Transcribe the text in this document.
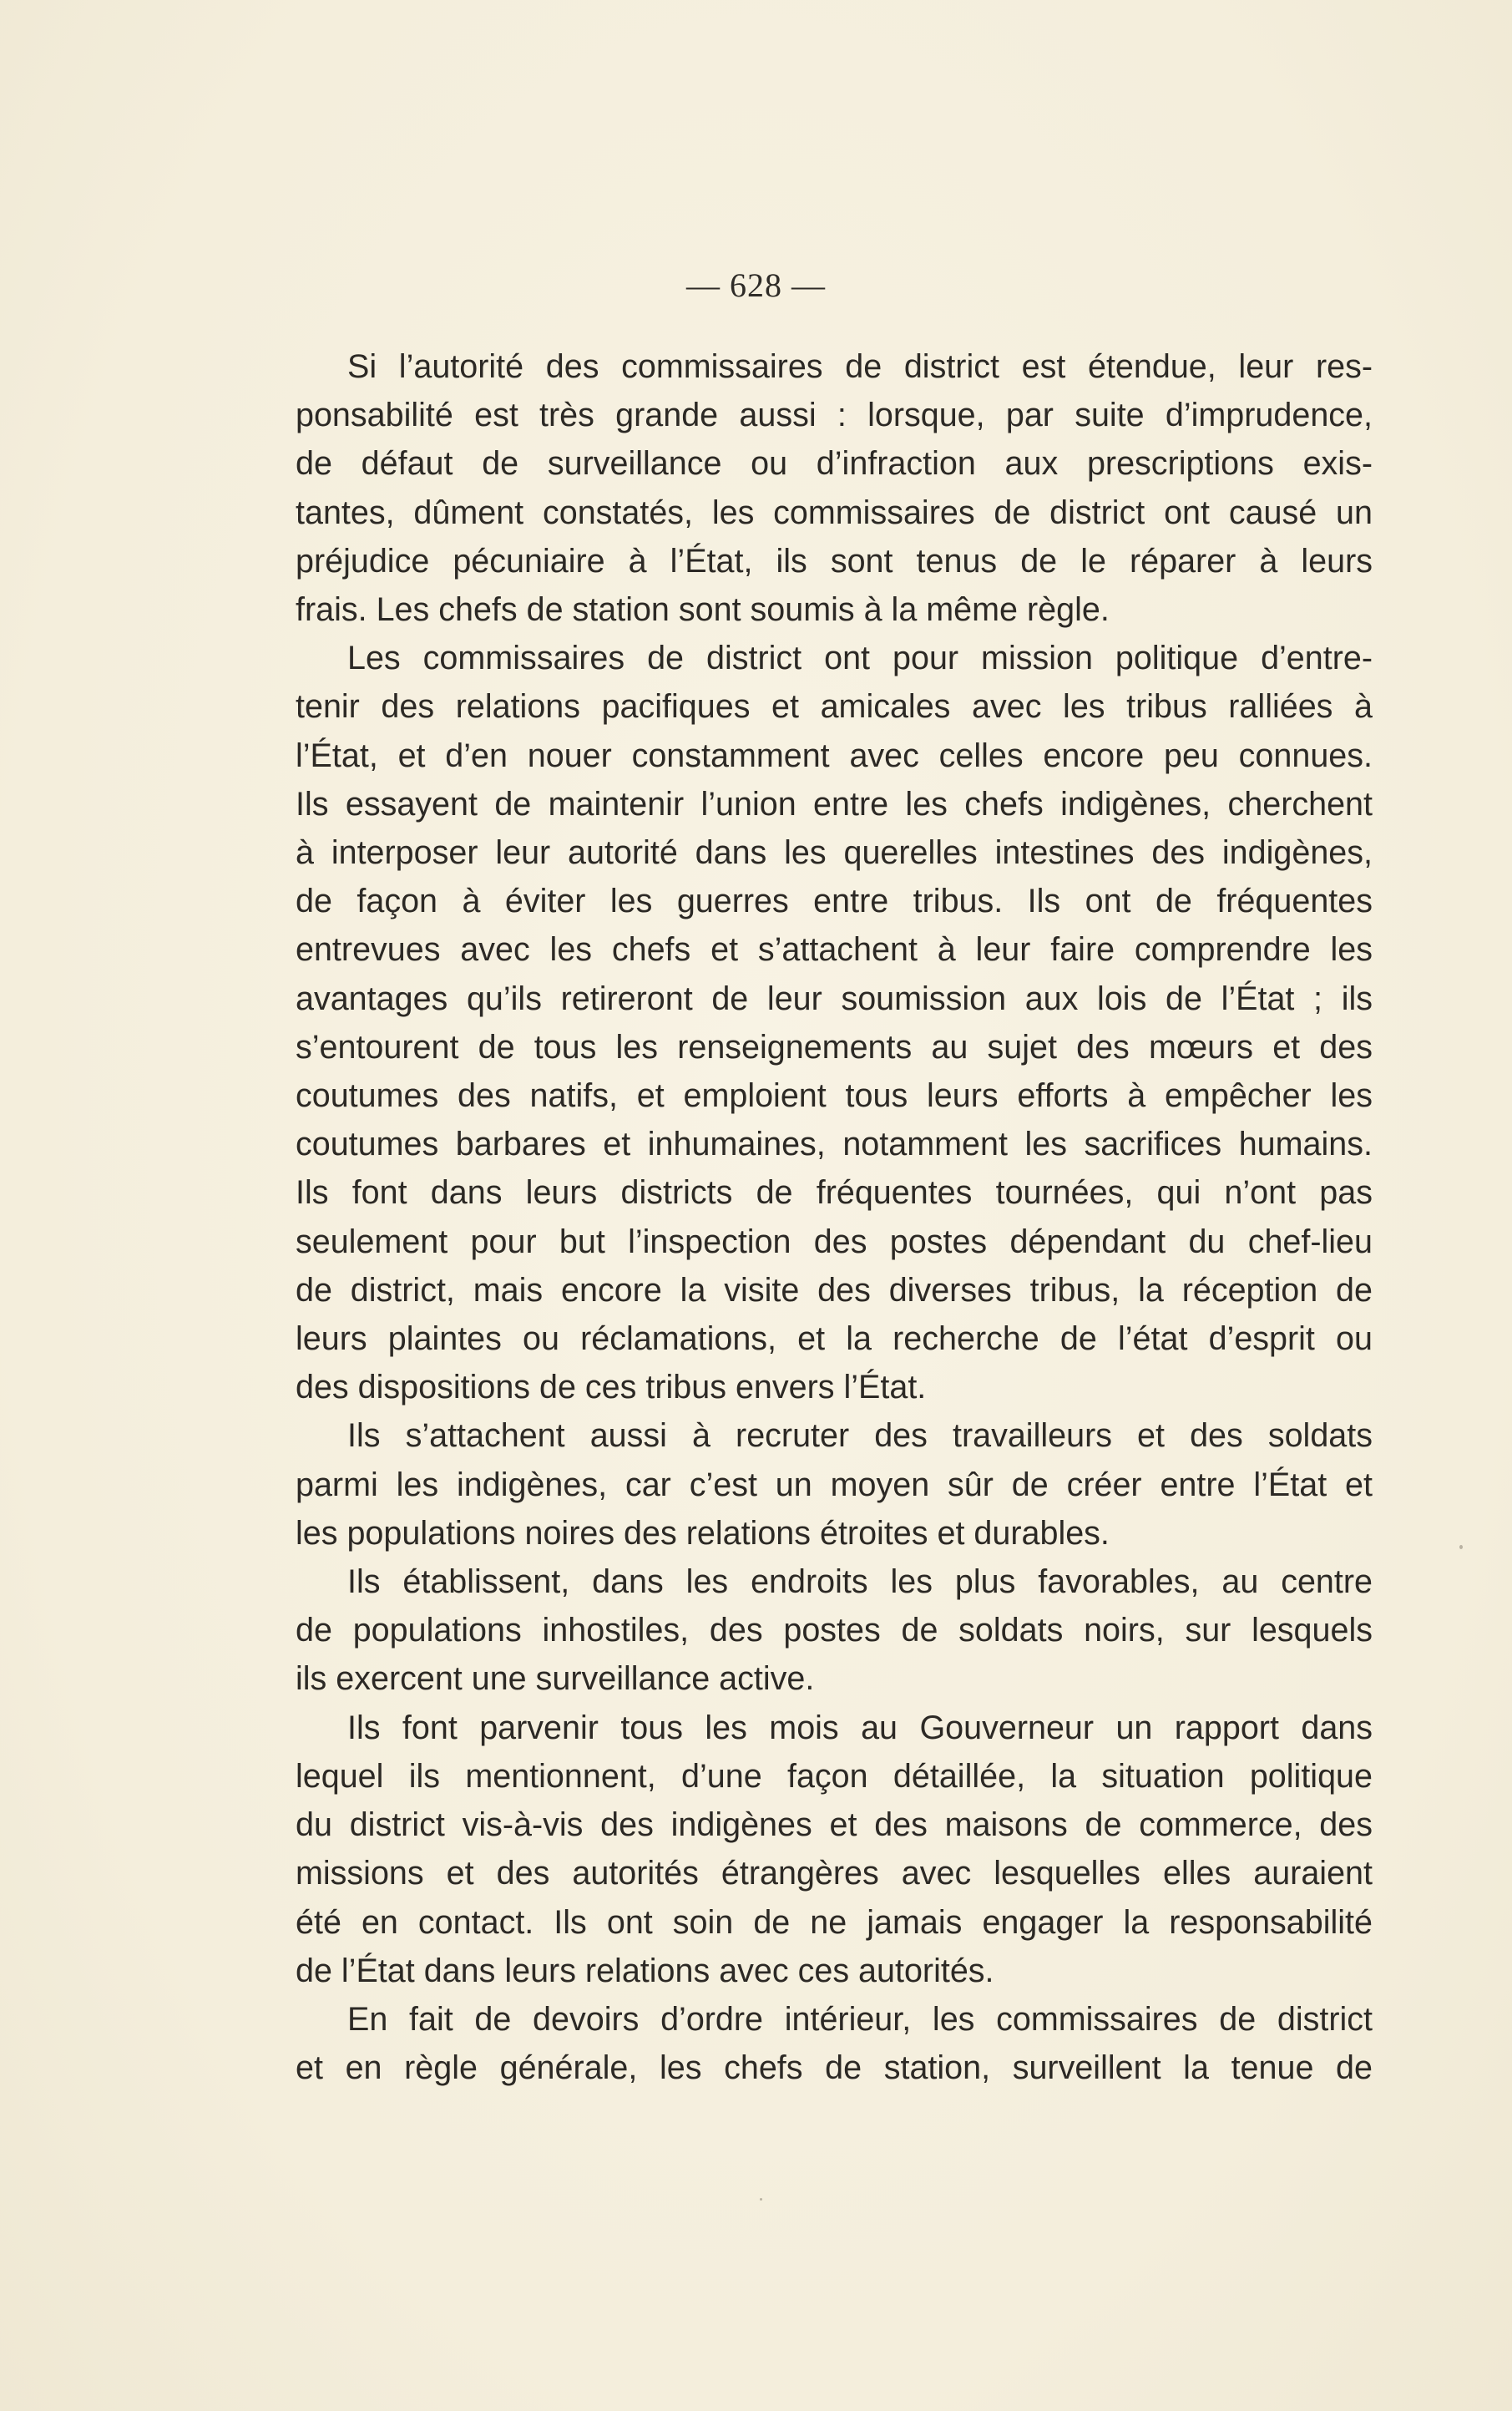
— 628 —

Si l’autorité des commissaires de district est étendue, leur res-
ponsabilité est très grande aussi : lorsque, par suite d’imprudence,
de défaut de surveillance ou d’infraction aux prescriptions exis-
tantes, dûment constatés, les commissaires de district ont causé un
préjudice pécuniaire à l’État, ils sont tenus de le réparer à leurs
frais. Les chefs de station sont soumis à la même règle.

Les commissaires de district ont pour mission politique d’entre-
tenir des relations pacifiques et amicales avec les tribus ralliées à
l’État, et d’en nouer constamment avec celles encore peu connues.
Ils essayent de maintenir l’union entre les chefs indigènes, cherchent
à interposer leur autorité dans les querelles intestines des indigènes,
de façon à éviter les guerres entre tribus. Ils ont de fréquentes
entrevues avec les chefs et s’attachent à leur faire comprendre les
avantages qu’ils retireront de leur soumission aux lois de l’État ; ils
s’entourent de tous les renseignements au sujet des mœurs et des
coutumes des natifs, et emploient tous leurs efforts à empêcher les
coutumes barbares et inhumaines, notamment les sacrifices humains.
Ils font dans leurs districts de fréquentes tournées, qui n’ont pas
seulement pour but l’inspection des postes dépendant du chef-lieu
de district, mais encore la visite des diverses tribus, la réception de
leurs plaintes ou réclamations, et la recherche de l’état d’esprit ou
des dispositions de ces tribus envers l’État.

Ils s’attachent aussi à recruter des travailleurs et des soldats
parmi les indigènes, car c’est un moyen sûr de créer entre l’État et
les populations noires des relations étroites et durables.

Ils établissent, dans les endroits les plus favorables, au centre
de populations inhostiles, des postes de soldats noirs, sur lesquels
ils exercent une surveillance active.

Ils font parvenir tous les mois au Gouverneur un rapport dans
lequel ils mentionnent, d’une façon détaillée, la situation politique
du district vis-à-vis des indigènes et des maisons de commerce, des
missions et des autorités étrangères avec lesquelles elles auraient
été en contact. Ils ont soin de ne jamais engager la responsabilité
de l’État dans leurs relations avec ces autorités.

En fait de devoirs d’ordre intérieur, les commissaires de district
et en règle générale, les chefs de station, surveillent la tenue de
